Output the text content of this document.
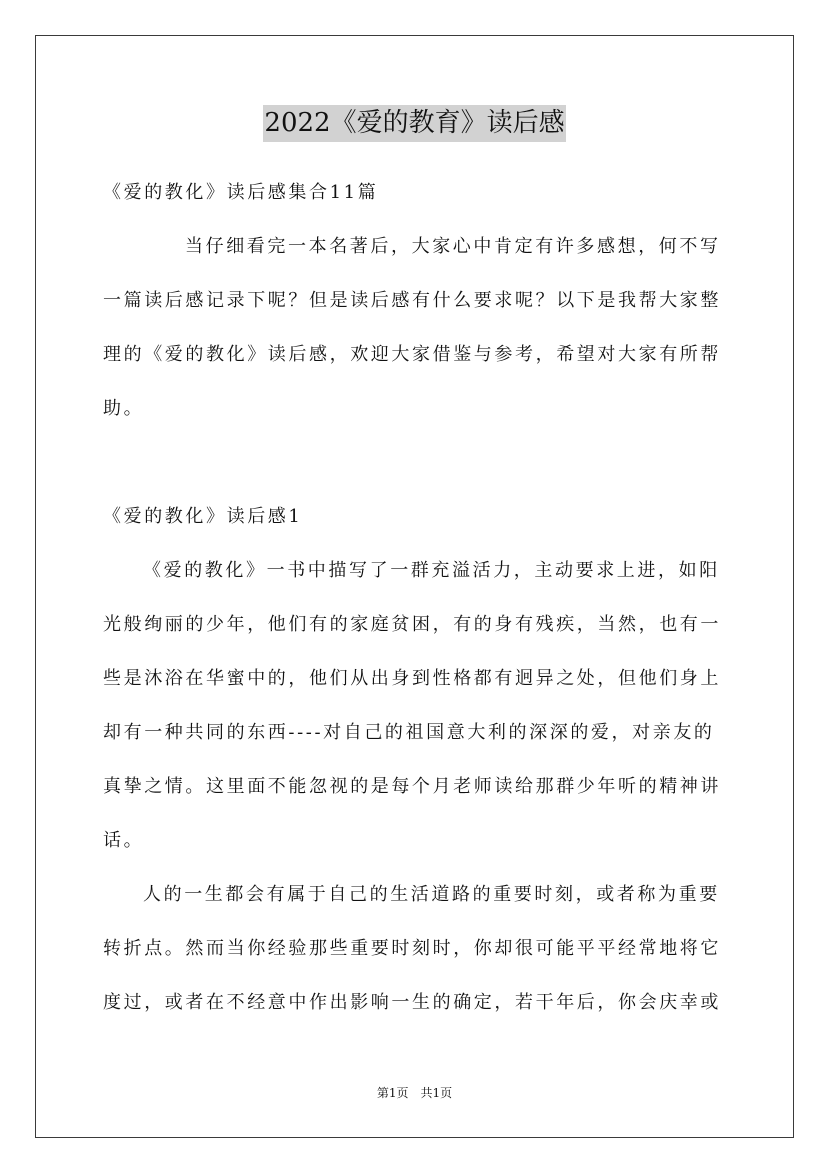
2022《爱的教育》读后感
《爱的教化》读后感集合11篇
当仔细看完一本名著后，大家心中肯定有许多感想，何不写
一篇读后感记录下呢？但是读后感有什么要求呢？以下是我帮大家整
理的《爱的教化》读后感，欢迎大家借鉴与参考，希望对大家有所帮
助。
《爱的教化》读后感1
《爱的教化》一书中描写了一群充溢活力，主动要求上进，如阳
光般绚丽的少年，他们有的家庭贫困，有的身有残疾，当然，也有一
些是沐浴在华蜜中的，他们从出身到性格都有迥异之处，但他们身上
却有一种共同的东西----对自己的祖国意大利的深深的爱，对亲友的
真挚之情。这里面不能忽视的是每个月老师读给那群少年听的精神讲
话。
人的一生都会有属于自己的生活道路的重要时刻，或者称为重要
转折点。然而当你经验那些重要时刻时，你却很可能平平经常地将它
度过，或者在不经意中作出影响一生的确定，若干年后，你会庆幸或
第1页 共1页
